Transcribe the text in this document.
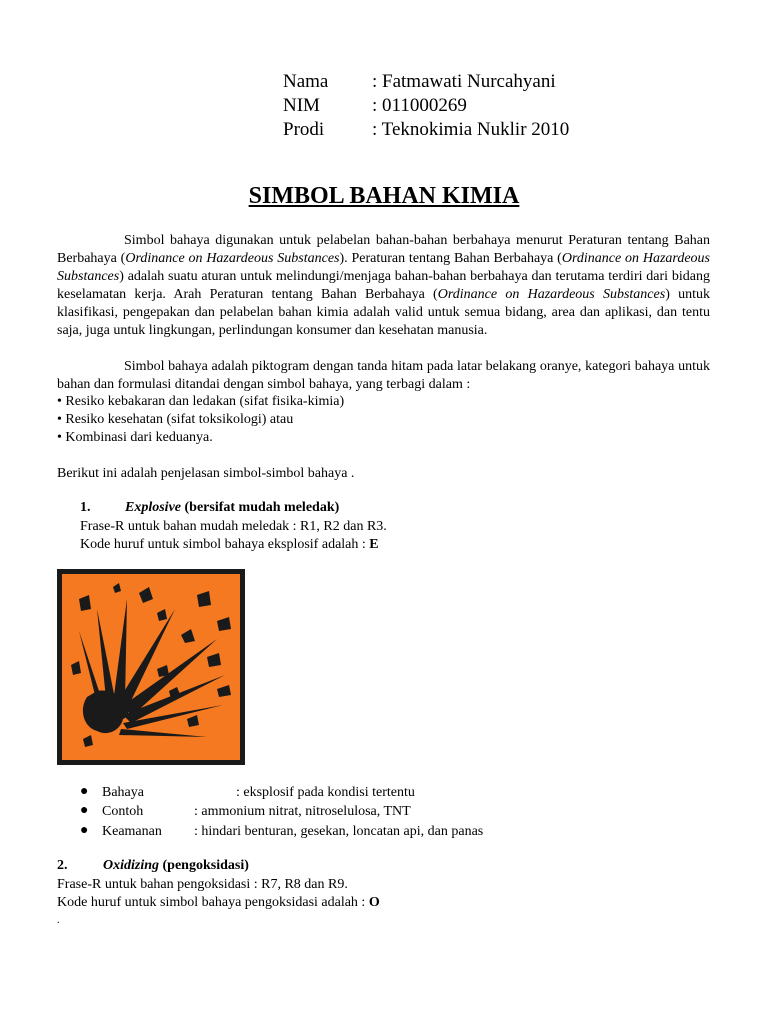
Nama : Fatmawati Nurcahyani
NIM	: 011000269
Prodi	: Teknokimia Nuklir 2010
SIMBOL BAHAN KIMIA

Simbol bahaya digunakan untuk pelabelan bahan-bahan berbahaya menurut Peraturan tentang Bahan Berbahaya (Ordinance on Hazardeous Substances). Peraturan tentang Bahan Berbahaya (Ordinance on Hazardeous Substances) adalah suatu aturan untuk melindungi/menjaga bahan-bahan berbahaya dan terutama terdiri dari bidang keselamatan kerja. Arah Peraturan tentang Bahan Berbahaya (Ordinance on Hazardeous Substances) untuk klasifikasi, pengepakan dan pelabelan bahan kimia adalah valid untuk semua bidang, area dan aplikasi, dan tentu saja, juga untuk lingkungan, perlindungan konsumer dan kesehatan manusia.

Simbol bahaya adalah piktogram dengan tanda hitam pada latar belakang oranye, kategori bahaya untuk bahan dan formulasi ditandai dengan simbol bahaya, yang terbagi dalam :

• Resiko kebakaran dan ledakan (sifat fisika-kimia)
• Resiko kesehatan (sifat toksikologi) atau
• Kombinasi dari keduanya.
Berikut ini adalah penjelasan simbol-simbol bahaya .
1. Explosive (bersifat mudah meledak)
Frase-R untuk bahan mudah meledak : R1, R2 dan R3.
Kode huruf untuk simbol bahaya eksplosif adalah : E
● Bahaya	: eksplosif pada kondisi tertentu
● Contoh	: ammonium nitrat, nitroselulosa, TNT
● Keamanan : hindari benturan, gesekan, loncatan api, dan panas
2.	Oxidizing (pengoksidasi)
Frase-R untuk bahan pengoksidasi : R7, R8 dan R9.
Kode huruf untuk simbol bahaya pengoksidasi adalah : O
.
